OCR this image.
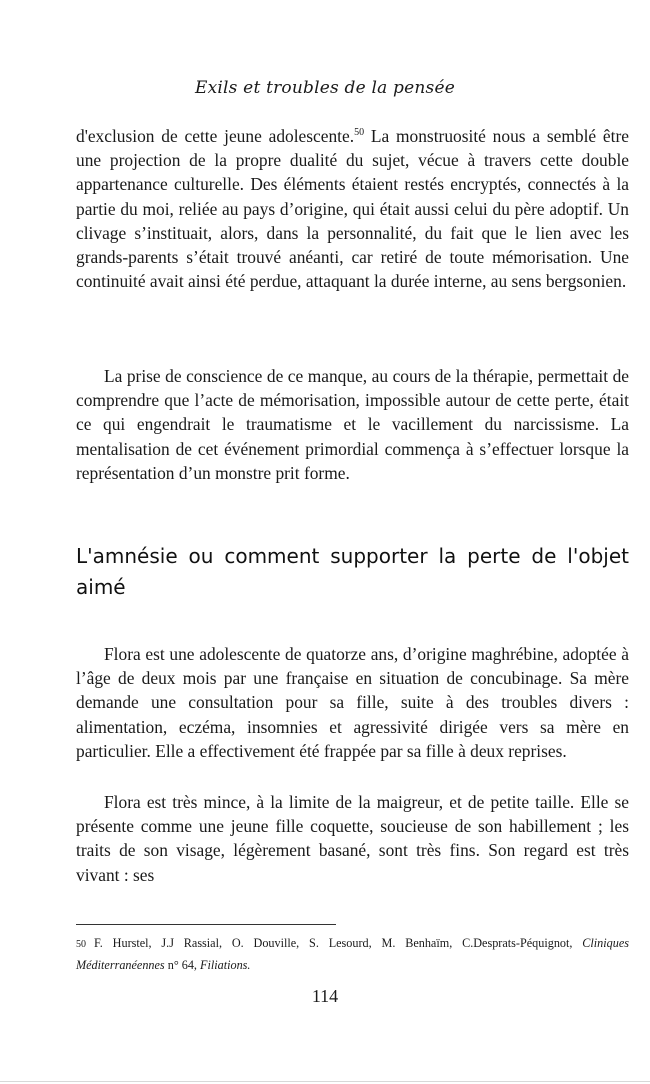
Exils et troubles de la pensée

d'exclusion de cette jeune adolescente.$^{50}$ La monstruosité nous a semblé être une projection de la propre dualité du sujet, vécue à travers cette double appartenance culturelle. Des éléments étaient restés encryptés, connectés à la partie du moi, reliée au pays d’origine, qui était aussi celui du père adoptif. Un clivage s’instituait, alors, dans la personnalité, du fait que le lien avec les grands-parents s’était trouvé anéanti, car retiré de toute mémorisation. Une continuité avait ainsi été perdue, attaquant la durée interne, au sens bergsonien.

La prise de conscience de ce manque, au cours de la thérapie, permettait de comprendre que l’acte de mémorisation, impossible autour de cette perte, était ce qui engendrait le traumatisme et le vacillement du narcissisme. La mentalisation de cet événement primordial commença à s’effectuer lorsque la représentation d’un monstre prit forme.

L'amnésie ou comment supporter la perte de l'objet aimé

Flora est une adolescente de quatorze ans, d’origine maghrébine, adoptée à l’âge de deux mois par une française en situation de concubinage. Sa mère demande une consultation pour sa fille, suite à des troubles divers : alimentation, eczéma, insomnies et agressivité dirigée vers sa mère en particulier. Elle a effectivement été frappée par sa fille à deux reprises.

Flora est très mince, à la limite de la maigreur, et de petite taille. Elle se présente comme une jeune fille coquette, soucieuse de son habillement ; les traits de son visage, légèrement basané, sont très fins. Son regard est très vivant : ses

50 F. Hurstel, J.J Rassial, O. Douville, S. Lesourd, M. Benhaïm, C.Desprats-Péquignot, Cliniques Méditerranéennes n° 64, Filiations.
114
